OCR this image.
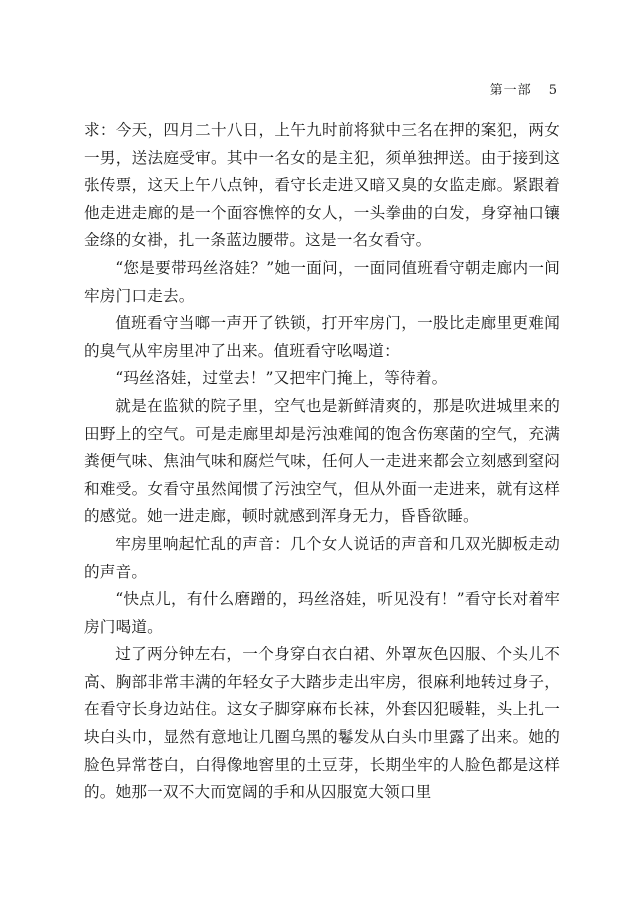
第一部 5

求：今天，四月二十八日，上午九时前将狱中三名在押的案犯，两女一男，送法庭受审。其中一名女的是主犯，须单独押送。由于接到这张传票，这天上午八点钟，看守长走进又暗又臭的女监走廊。紧跟着他走进走廊的是一个面容憔悴的女人，一头拳曲的白发，身穿袖口镶金绦的女褂，扎一条蓝边腰带。这是一名女看守。

“您是要带玛丝洛娃？”她一面问，一面同值班看守朝走廊内一间牢房门口走去。

值班看守当啷一声开了铁锁，打开牢房门，一股比走廊里更难闻的臭气从牢房里冲了出来。值班看守吆喝道：

“玛丝洛娃，过堂去！”又把牢门掩上，等待着。

就是在监狱的院子里，空气也是新鲜清爽的，那是吹进城里来的田野上的空气。可是走廊里却是污浊难闻的饱含伤寒菌的空气，充满粪便气味、焦油气味和腐烂气味，任何人一走进来都会立刻感到窒闷和难受。女看守虽然闻惯了污浊空气，但从外面一走进来，就有这样的感觉。她一进走廊，顿时就感到浑身无力，昏昏欲睡。

牢房里响起忙乱的声音：几个女人说话的声音和几双光脚板走动的声音。

“快点儿，有什么磨蹭的，玛丝洛娃，听见没有！”看守长对着牢房门喝道。

过了两分钟左右，一个身穿白衣白裙、外罩灰色囚服、个头儿不高、胸部非常丰满的年轻女子大踏步走出牢房，很麻利地转过身子，在看守长身边站住。这女子脚穿麻布长袜，外套囚犯暖鞋，头上扎一块白头巾，显然有意地让几圈乌黑的鬈发从白头巾里露了出来。她的脸色异常苍白，白得像地窖里的土豆芽，长期坐牢的人脸色都是这样的。她那一双不大而宽阔的手和从囚服宽大领口里
